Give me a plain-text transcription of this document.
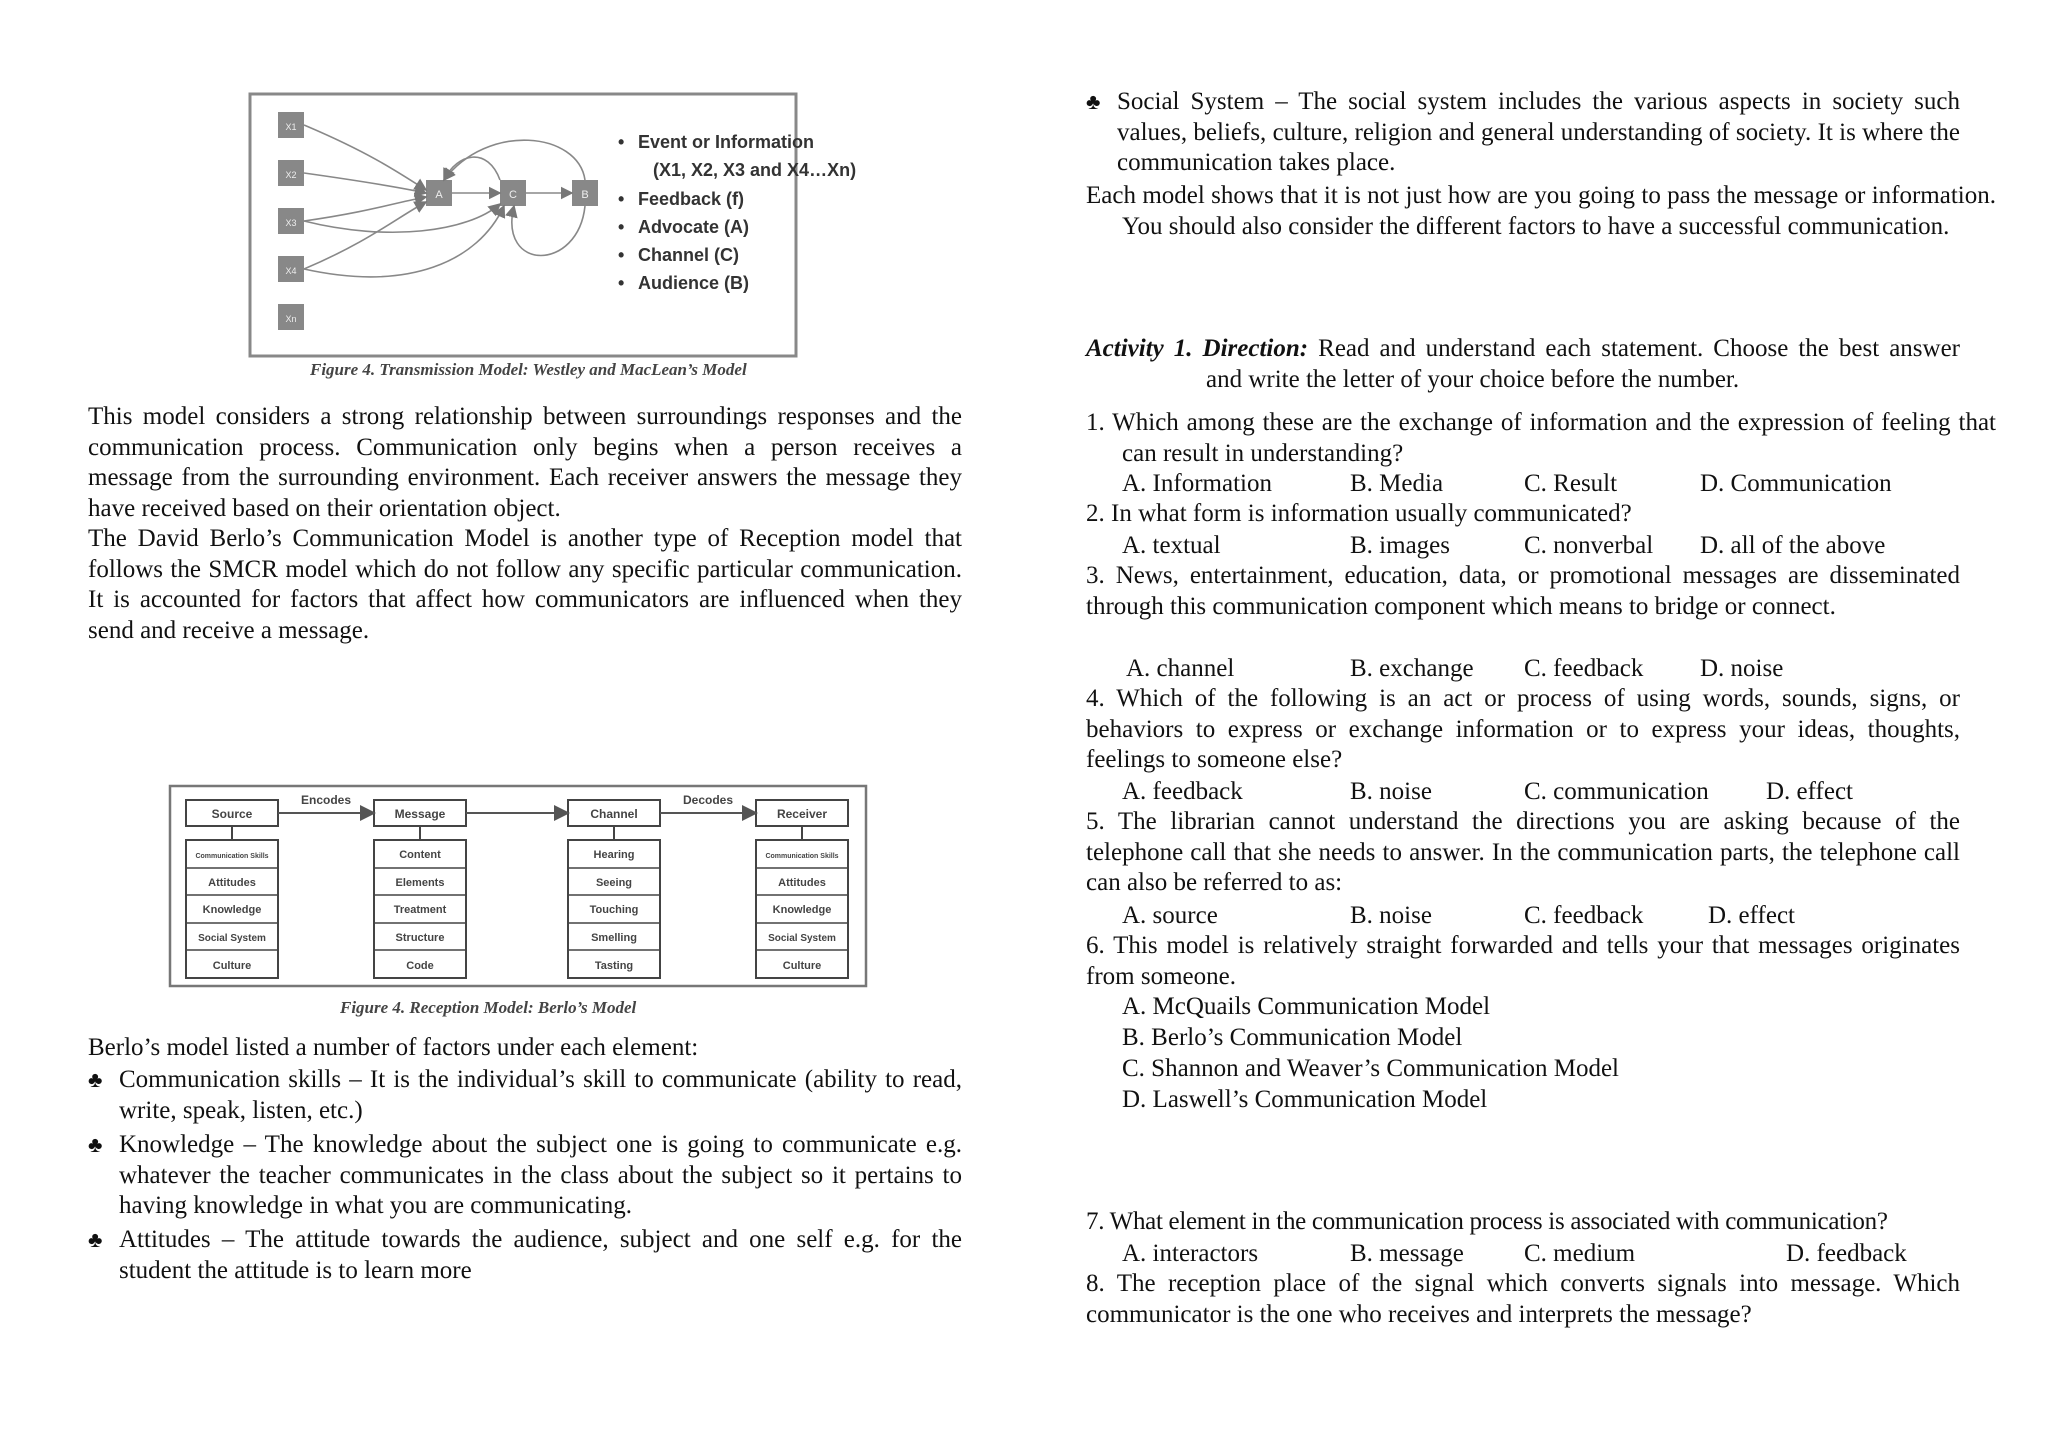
X1
X2
X3
X4
Xn
A	C	B
• Event or Information
(X1, X2, X3 and X4…Xn)
• Feedback (f)
• Advocate (A)
• Channel (C)
• Audience (B)
Figure 4. Transmission Model: Westley and MacLean’s Model

This model considers a strong relationship between surroundings responses and the communication process. Communication only begins when a person receives a message from the surrounding environment. Each receiver answers the message they have received based on their orientation object.

The David Berlo’s Communication Model is another type of Reception model that follows the SMCR model which do not follow any specific particular communication. It is accounted for factors that affect how communicators are influenced when they send and receive a message.

Source	Message	Channel	Receiver
Encodes	Decodes
Communication Skills
Attitudes
Knowledge
Social System
Culture
Content
Elements
Treatment
Structure
Code
Hearing
Seeing
Touching
Smelling
Tasting
Communication Skills
Attitudes
Knowledge
Social System
Culture
Figure 4. Reception Model: Berlo’s Model

Berlo’s model listed a number of factors under each element:

♣ Communication skills – It is the individual’s skill to communicate (ability to read, write, speak, listen, etc.)
♣ Knowledge – The knowledge about the subject one is going to communicate e.g. whatever the teacher communicates in the class about the subject so it pertains to having knowledge in what you are communicating.
♣ Attitudes – The attitude towards the audience, subject and one self e.g. for the student the attitude is to learn more
♣ Social System – The social system includes the various aspects in society such values, beliefs, culture, religion and general understanding of society. It is where the communication takes place.

Each model shows that it is not just how are you going to pass the message or information. You should also consider the different factors to have a successful communication.

Activity 1. Direction: Read and understand each statement. Choose the best answer and write the letter of your choice before the number.
1. Which among these are the exchange of information and the expression of feeling that can result in understanding?
A. Information	B. Media	C. Result	D. Communication
2. In what form is information usually communicated?
A. textual	B. images	C. nonverbal D. all of the above
3. News, entertainment, education, data, or promotional messages are disseminated through this communication component which means to bridge or connect.
A. channel	B. exchange C. feedback D. noise
4. Which of the following is an act or process of using words, sounds, signs, or behaviors to express or exchange information or to express your ideas, thoughts, feelings to someone else?
A. feedback	B. noise	C. communication D. effect
5. The librarian cannot understand the directions you are asking because of the telephone call that she needs to answer. In the communication parts, the telephone call can also be referred to as:
A. source	B. noise	C. feedback	D. effect
6. This model is relatively straight forwarded and tells your that messages originates from someone.
A. McQuails Communication Model
B. Berlo’s Communication Model
C. Shannon and Weaver’s Communication Model
D. Laswell’s Communication Model
7. What element in the communication process is associated with communication?
A. interactors	B. message C. medium	D. feedback
8. The reception place of the signal which converts signals into message. Which communicator is the one who receives and interprets the message?
